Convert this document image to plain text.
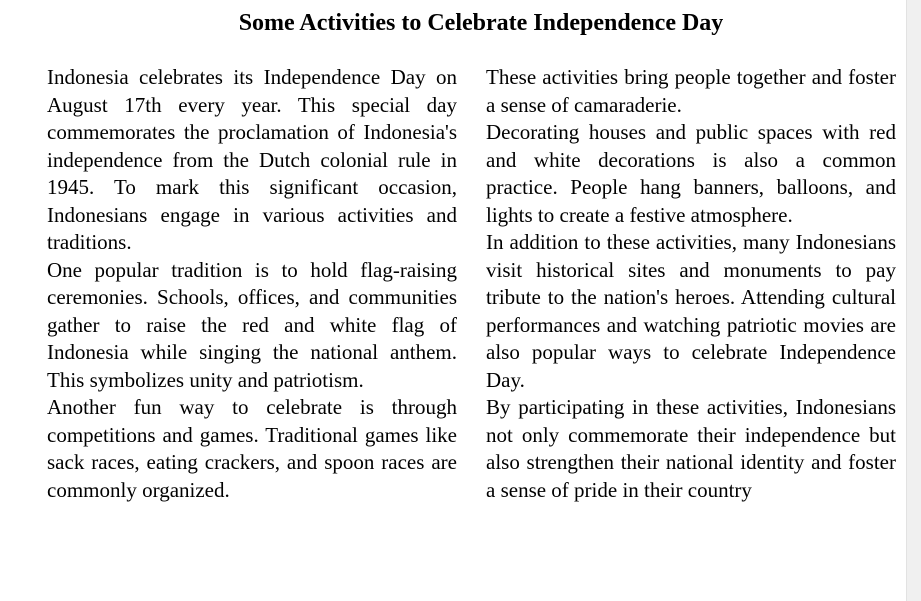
Some Activities to Celebrate Independence Day

Indonesia celebrates its Independence Day on August 17th every year. This special day commemorates the proclamation of Indonesia's independence from the Dutch colonial rule in 1945. To mark this significant occasion, Indonesians engage in various activities and traditions.

One popular tradition is to hold flag-raising ceremonies. Schools, offices, and communities gather to raise the red and white flag of Indonesia while singing the national anthem. This symbolizes unity and patriotism.

Another fun way to celebrate is through competitions and games. Traditional games like sack races, eating crackers, and spoon races are commonly organized.

These activities bring people together and foster a sense of camaraderie.

Decorating houses and public spaces with red and white decorations is also a common practice. People hang banners, balloons, and lights to create a festive atmosphere.

In addition to these activities, many Indonesians visit historical sites and monuments to pay tribute to the nation's heroes. Attending cultural performances and watching patriotic movies are also popular ways to celebrate Independence Day.

By participating in these activities, Indonesians not only commemorate their independence but also strengthen their national identity and foster a sense of pride in their country
